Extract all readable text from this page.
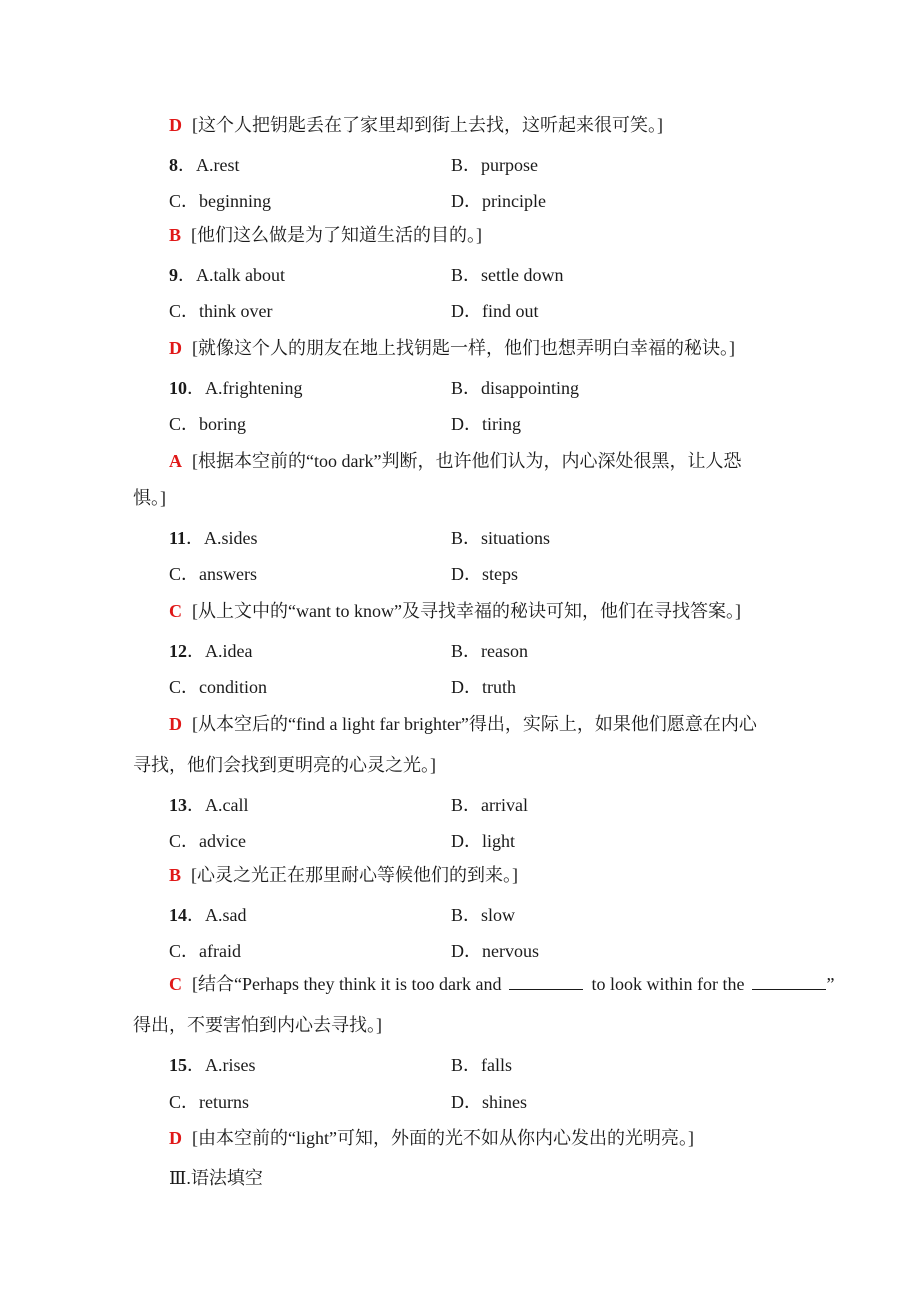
D [这个人把钥匙丢在了家里却到街上去找，这听起来很可笑。]
8．A.rest	B．purpose
C．beginning	D．principle
B [他们这么做是为了知道生活的目的。]
9．A.talk about	B．settle down
C．think over	D．find out
D [就像这个人的朋友在地上找钥匙一样，他们也想弄明白幸福的秘诀。]
10．A.frightening	B．disappointing
C．boring	D．tiring
A [根据本空前的“too dark”判断，也许他们认为，内心深处很黑，让人恐
惧。]
11．A.sides	B．situations
C．answers	D．steps
C [从上文中的“want to know”及寻找幸福的秘诀可知，他们在寻找答案。]
12．A.idea	B．reason
C．condition	D．truth
D [从本空后的“find a light far brighter”得出，实际上，如果他们愿意在内心
寻找，他们会找到更明亮的心灵之光。]
13．A.call	B．arrival
C．advice	D．light
B [心灵之光正在那里耐心等候他们的到来。]
14．A.sad	B．slow
C．afraid	D．nervous
C [结合“Perhaps they think it is too dark and	to look within for the	”
得出，不要害怕到内心去寻找。]
15．A.rises	B．falls
C．returns	D．shines
D [由本空前的“light”可知，外面的光不如从你内心发出的光明亮。]
Ⅲ.语法填空
